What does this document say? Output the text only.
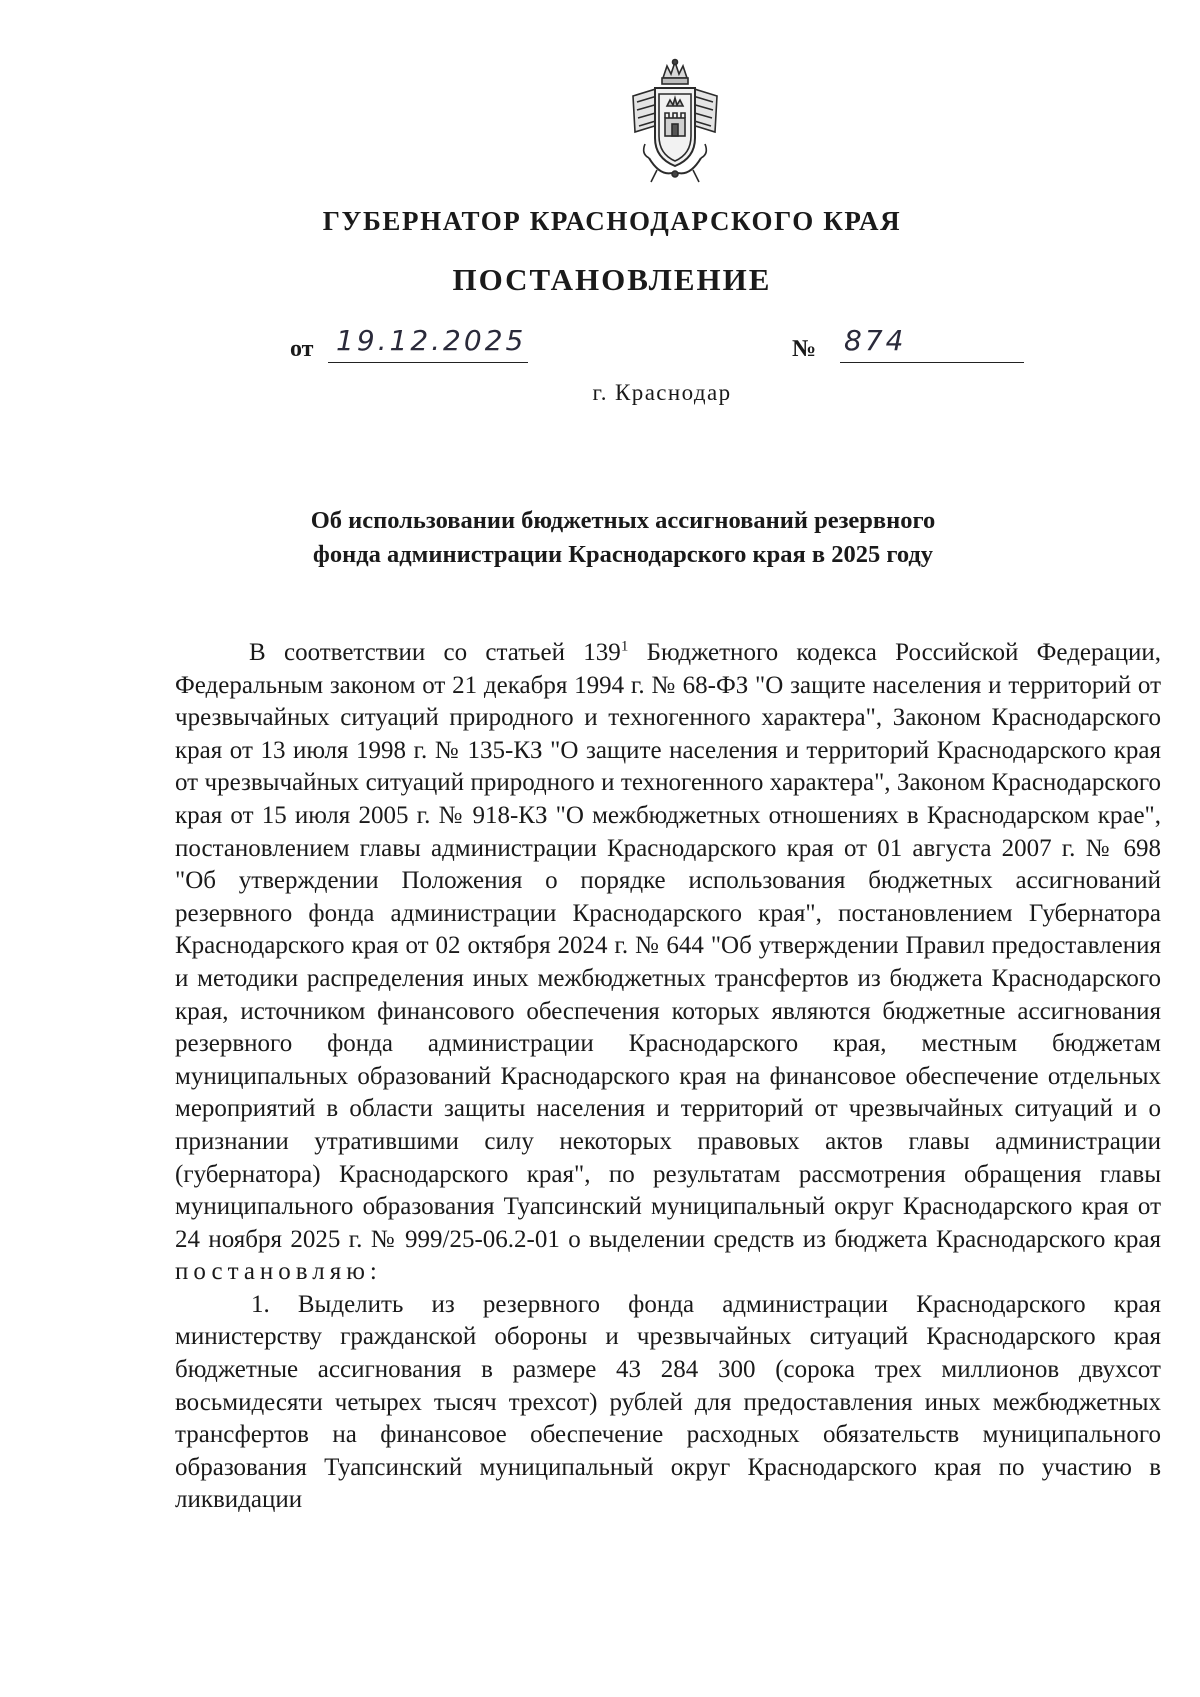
ГУБЕРНАТОР КРАСНОДАРСКОГО КРАЯ
ПОСТАНОВЛЕНИЕ
от 19.12.2025	№ 874
г. Краснодар
Об использовании бюджетных ассигнований резервного
фонда администрации Краснодарского края в 2025 году

В соответствии со статьей $139^1$ Бюджетного кодекса Российской Федерации, Федеральным законом от 21 декабря 1994 г. № 68-ФЗ "О защите населения и территорий от чрезвычайных ситуаций природного и техногенного характера", Законом Краснодарского края от 13 июля 1998 г. № 135-КЗ "О защите населения и территорий Краснодарского края от чрезвычайных ситуаций природного и техногенного характера", Законом Краснодарского края от 15 июля 2005 г. № 918-КЗ "О межбюджетных отношениях в Краснодарском крае", постановлением главы администрации Краснодарского края от 01 августа 2007 г. № 698 "Об утверждении Положения о порядке использования бюджетных ассигнований резервного фонда администрации Краснодарского края", постановлением Губернатора Краснодарского края от 02 октября 2024 г. № 644 "Об утверждении Правил предоставления и методики распределения иных межбюджетных трансфертов из бюджета Краснодарского края, источником финансового обеспечения которых являются бюджетные ассигнования резервного фонда администрации Краснодарского края, местным бюджетам муниципальных образований Краснодарского края на финансовое обеспечение отдельных мероприятий в области защиты населения и территорий от чрезвычайных ситуаций и о признании утратившими силу некоторых правовых актов главы администрации (губернатора) Краснодарского края", по результатам рассмотрения обращения главы муниципального образования Туапсинский муниципальный округ Краснодарского края от 24 ноября 2025 г. № 999/25-06.2-01 о выделении средств из бюджета Краснодарского края постановляю:

1. Выделить из резервного фонда администрации Краснодарского края министерству гражданской обороны и чрезвычайных ситуаций Краснодарского края бюджетные ассигнования в размере 43 284 300 (сорока трех миллионов двухсот восьмидесяти четырех тысяч трехсот) рублей для предоставления иных межбюджетных трансфертов на финансовое обеспечение расходных обязательств муниципального образования Туапсинский муниципальный округ Краснодарского края по участию в ликвидации
